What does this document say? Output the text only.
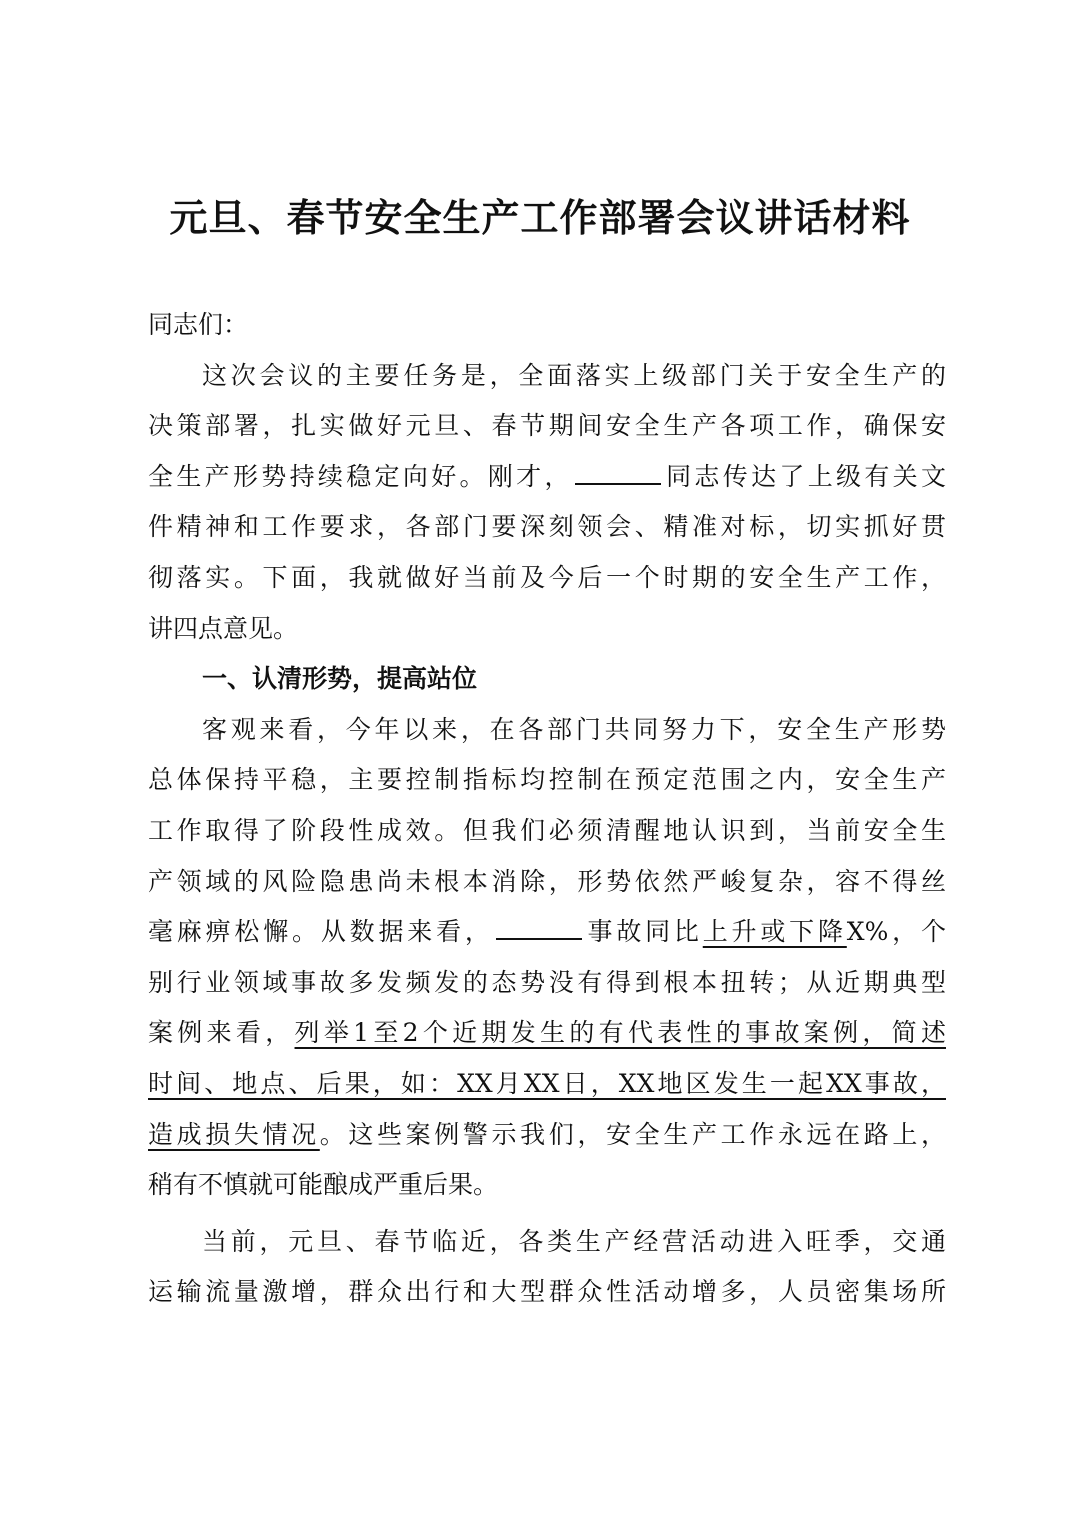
元旦、春节安全生产工作部署会议讲话材料
同志们：
这次会议的主要任务是，全面落实上级部门关于安全生产的
决策部署，扎实做好元旦、春节期间安全生产各项工作，确保安
全生产形势持续稳定向好。刚才，	同志传达了上级有关文
件精神和工作要求，各部门要深刻领会、精准对标，切实抓好贯
彻落实。下面，我就做好当前及今后一个时期的安全生产工作，
讲四点意见。
一、认清形势，提高站位
客观来看，今年以来，在各部门共同努力下，安全生产形势
总体保持平稳，主要控制指标均控制在预定范围之内，安全生产
工作取得了阶段性成效。但我们必须清醒地认识到，当前安全生
产领域的风险隐患尚未根本消除，形势依然严峻复杂，容不得丝
毫麻痹松懈。从数据来看，	事故同比上升或下降X%，个
别行业领域事故多发频发的态势没有得到根本扭转；从近期典型
案例来看，列举1至2个近期发生的有代表性的事故案例，简述
时间、地点、后果，如：XX月XX日，XX地区发生一起XX事故，
造成损失情况。这些案例警示我们，安全生产工作永远在路上，
稍有不慎就可能酿成严重后果。
当前，元旦、春节临近，各类生产经营活动进入旺季，交通
运输流量激增，群众出行和大型群众性活动增多，人员密集场所
